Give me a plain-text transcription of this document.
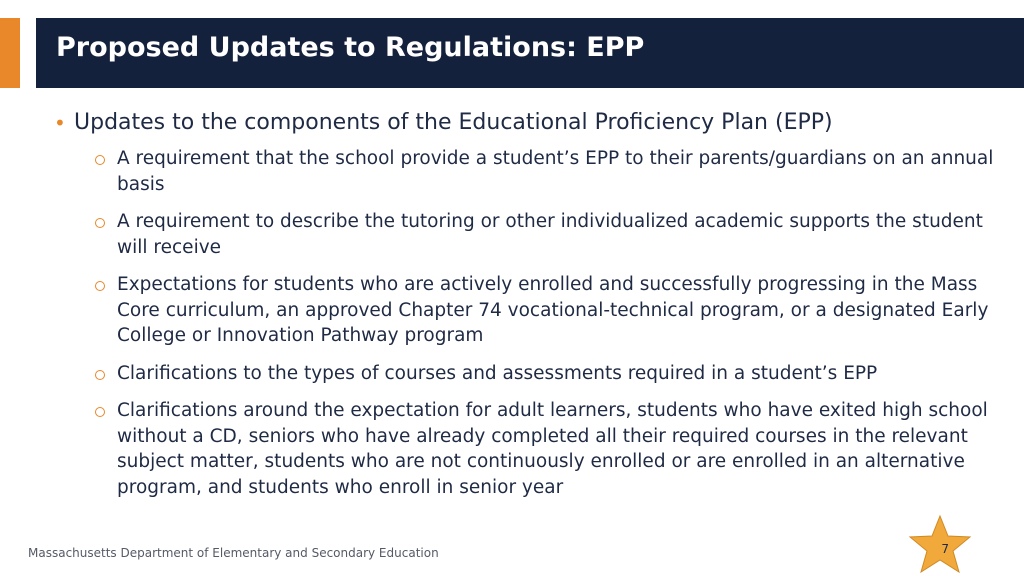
Proposed Updates to Regulations: EPP
• Updates to the components of the Educational Proficiency Plan (EPP)
A requirement that the school provide a student’s EPP to their parents/guardians on an annual basis
A requirement to describe the tutoring or other individualized academic supports the student will receive
Expectations for students who are actively enrolled and successfully progressing in the Mass Core curriculum, an approved Chapter 74 vocational-technical program, or a designated Early College or Innovation Pathway program
Clarifications to the types of courses and assessments required in a student’s EPP
Clarifications around the expectation for adult learners, students who have exited high school without a CD, seniors who have already completed all their required courses in the relevant subject matter, students who are not continuously enrolled or are enrolled in an alternative program, and students who enroll in senior year
Massachusetts Department of Elementary and Secondary Education	7
